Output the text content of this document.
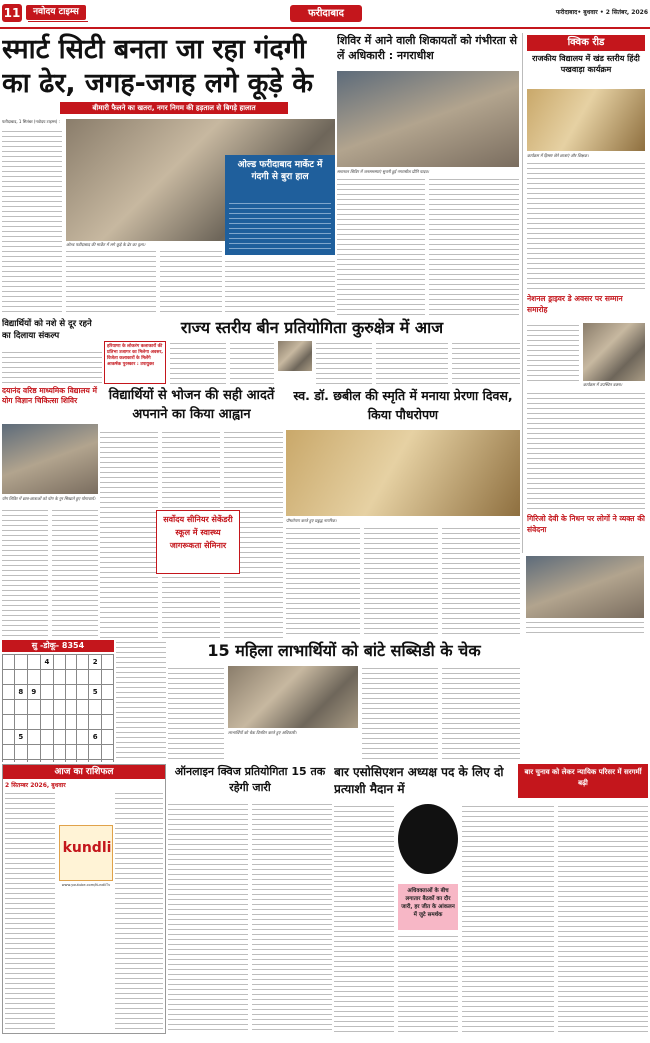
11	नवोदय टाइम्स	फरीदाबाद	फरीदाबाद• बुधवार • 2 सितंबर, 2026
स्मार्ट सिटी बनता जा रहा गंदगी का ढेर, जगह-जगह लगे कूड़े के
बीमारी फैलने का खतरा, नगर निगम की हड़ताल से बिगड़े हालात
फरीदाबाद, 1 सितंबर (नवोदय टाइम्स) :
ओल्ड फरीदाबाद की मार्केट में लगे कूड़े के ढेर का दृश्य।
ओल्ड फरीदाबाद मार्केट में गंदगी से बुरा हाल
शिविर में आने वाली शिकायतों को गंभीरता से लें अधिकारी : नगराधीश
समाधान शिविर में जनसमस्याएं सुनती हुई नगराधीश प्रीति यादव।
क्विक रीड
राजकीय विद्यालय में खंड स्तरीय हिंदी पखवाड़ा कार्यक्रम
कार्यक्रम में हिस्सा लेते छात्राएं और शिक्षक।
नेशनल ड्राइवर डे अवसर पर सम्मान समारोह
कार्यक्रम में उपस्थित वक्ता।
गिरिजो देवी के निधन पर लोगों ने व्यक्त की संवेदना
विद्यार्थियों को नशे से दूर रहने का दिलाया संकल्प	राज्य स्तरीय बीन प्रतियोगिता कुरुक्षेत्र में आज
हरियाणा के लोकरंग कलाकारों की प्रतिभा उजागर का मिलेगा अवसर, विजेता कलाकारों के मिलेंगे आकर्षक पुरस्कार : उपायुक्त
दयानंद वरिष्ठ माध्यमिक विद्यालय में योग विज्ञान चिकित्सा शिविर
योग शिविर में छात्र-छात्राओं को योग के गुर सिखाते हुए योगाचार्य।
विद्यार्थियों से भोजन की सही आदतें अपनाने का किया आह्वान
सर्वोदय सीनियर सेकेंडरी स्कूल में स्वास्थ्य जागरूकता सेमिनार
स्व. डॉ. छबील की स्मृति में मनाया प्रेरणा दिवस, किया पौधरोपण
पौधरोपण करते हुए प्रबुद्ध नागरिक।
सु -डोकू- 8354
			4				2	

	8	9					5	

	5						6	

15 महिला लाभार्थियों को बांटे सब्सिडी के चेक
लाभार्थियों को चेक वितरित करते हुए अधिकारी।
आज का राशिफल
2 सितम्बर 2026, बुधवार
kundli
www.youtube.com/KundliTv
ऑनलाइन क्विज प्रतियोगिता 15 तक रहेगी जारी
बार एसोसिएशन अध्यक्ष पद के लिए दो प्रत्याशी मैदान में
बार चुनाव को लेकर न्यायिक परिसर में सरगर्मी बढ़ी
अधिवक्ताओं के बीच लगातार बैठकों का दौर जारी, हर जीत के आंकलन में जुटे समर्थक
